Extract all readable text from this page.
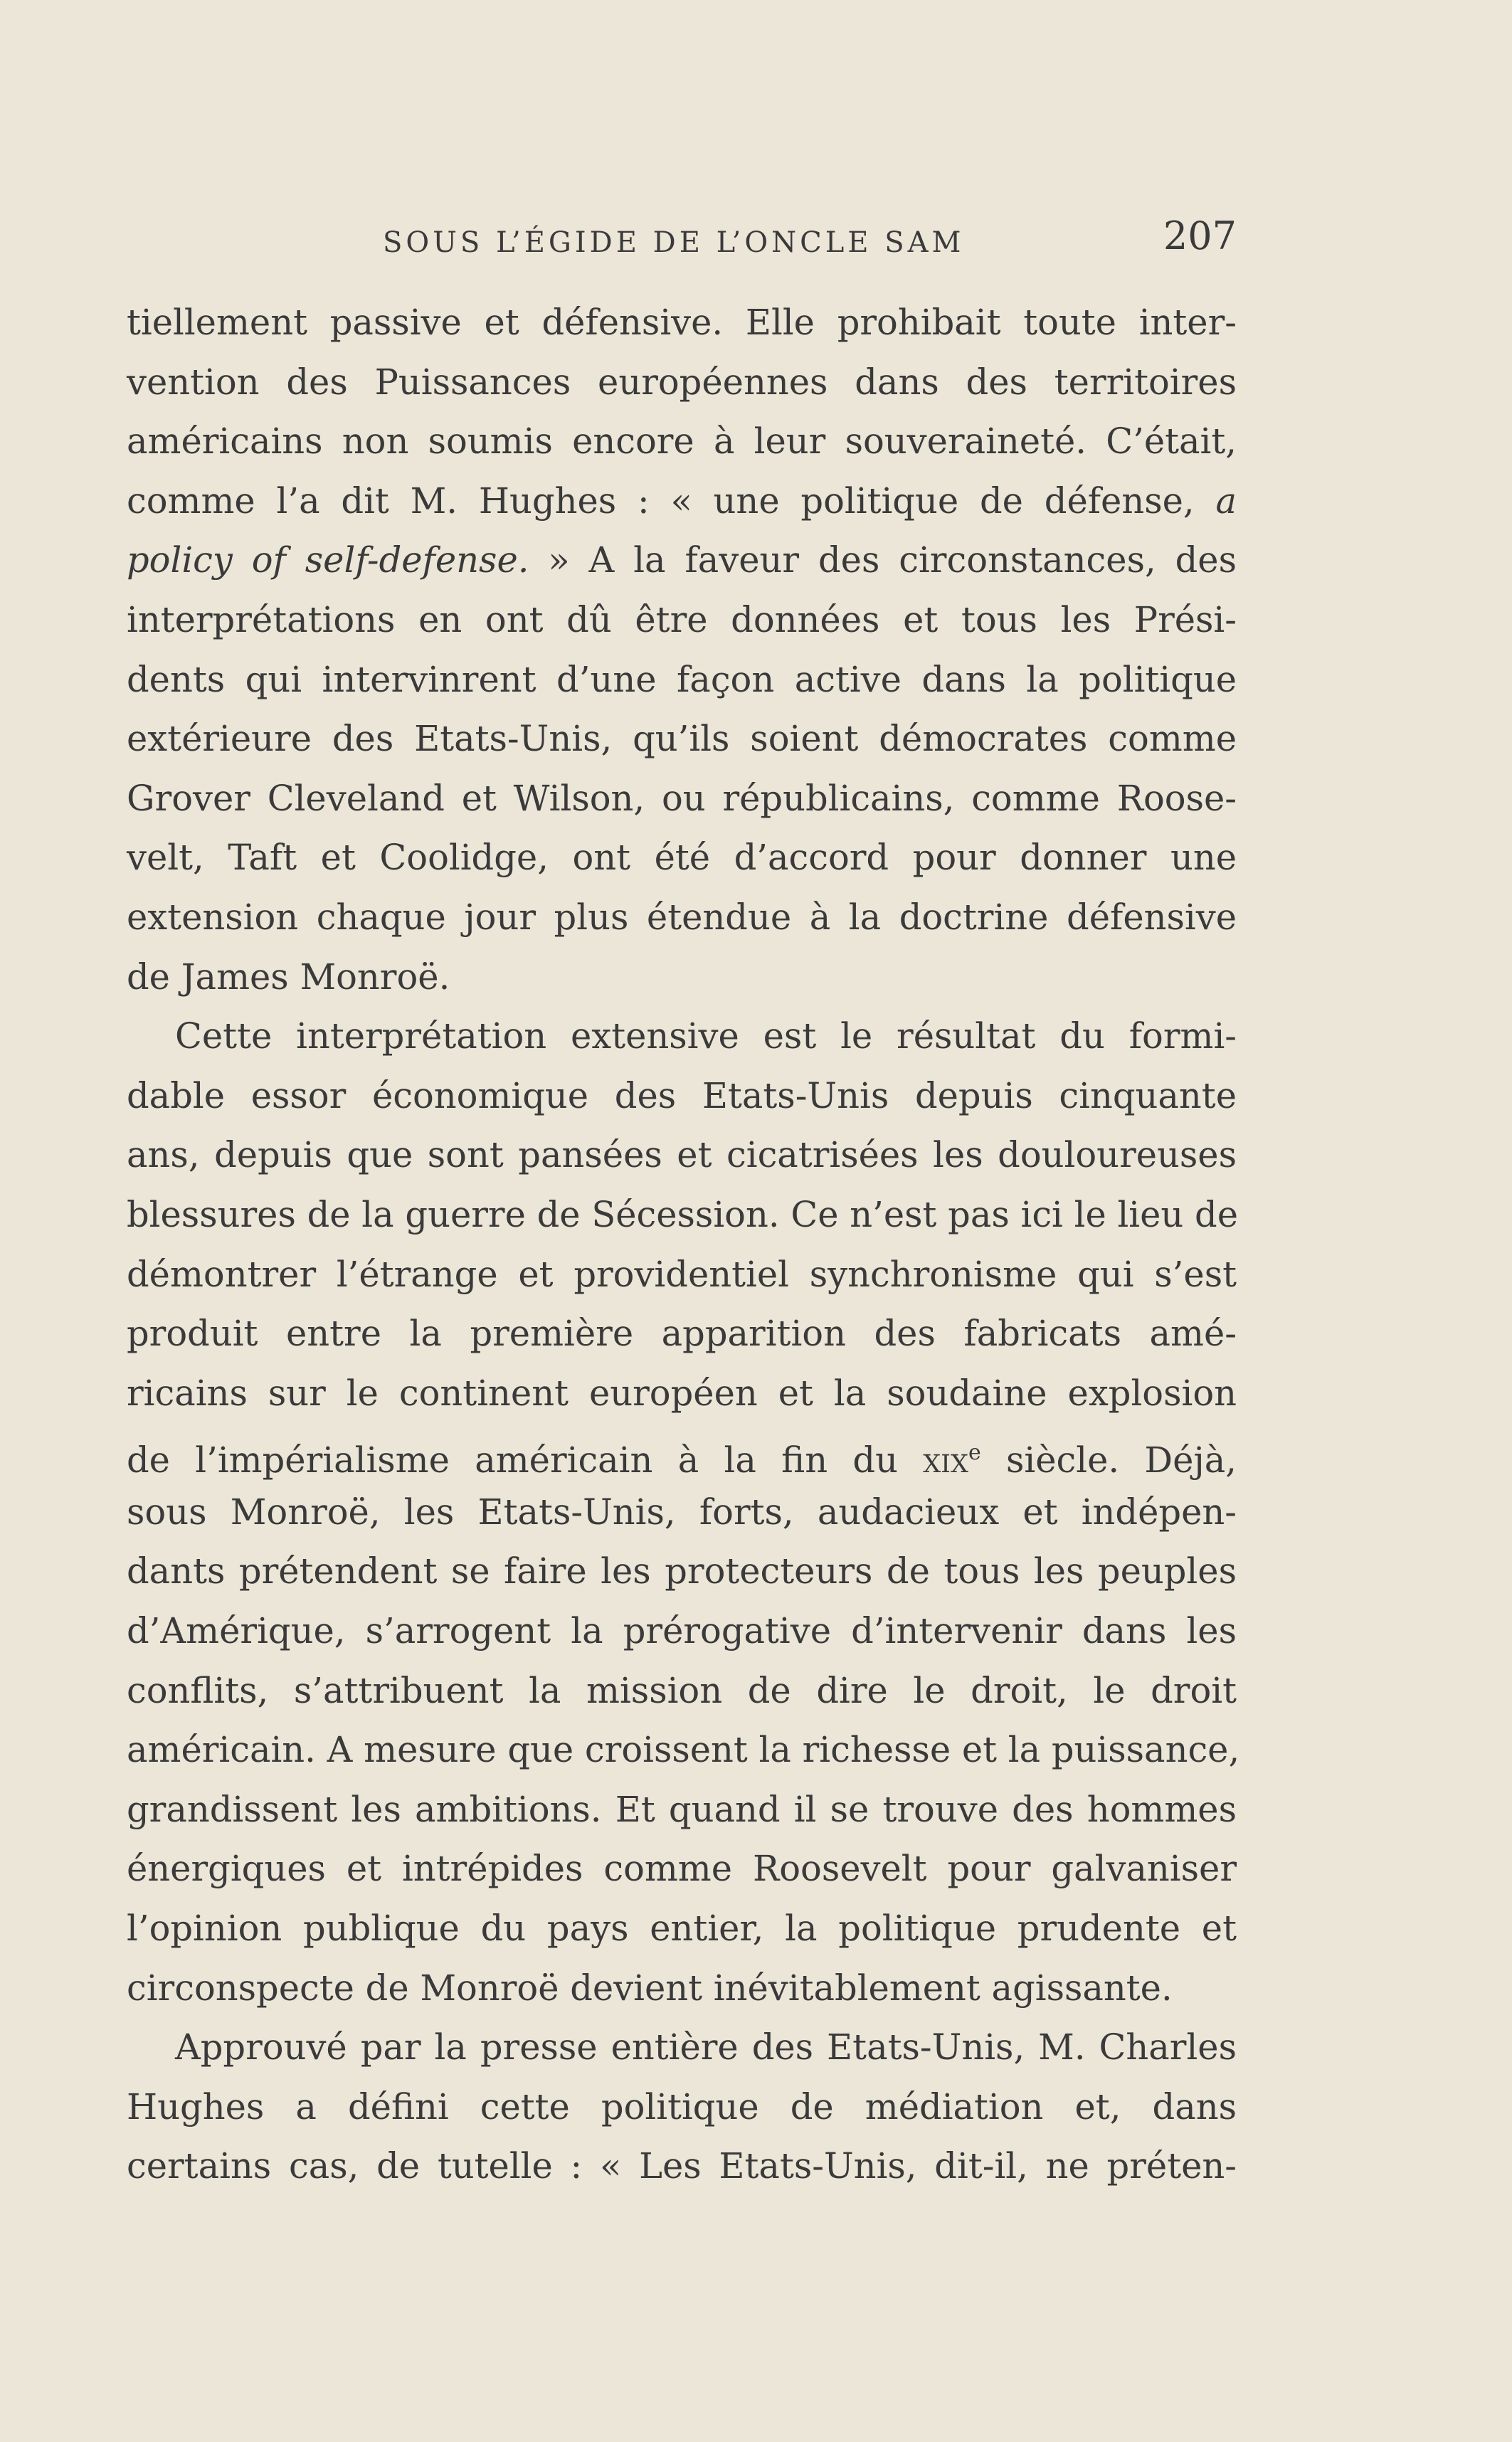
SOUS L’ÉGIDE DE L’ONCLE SAM	207
tiellement passive et défensive. Elle prohibait toute inter-
vention des Puissances européennes dans des territoires
américains non soumis encore à leur souveraineté. C’était,
comme l’a dit M. Hughes : « une politique de défense, a
policy of self-defense. » A la faveur des circonstances, des
interprétations en ont dû être données et tous les Prési-
dents qui intervinrent d’une façon active dans la politique
extérieure des Etats-Unis, qu’ils soient démocrates comme
Grover Cleveland et Wilson, ou républicains, comme Roose-
velt, Taft et Coolidge, ont été d’accord pour donner une
extension chaque jour plus étendue à la doctrine défensive
de James Monroë.
Cette interprétation extensive est le résultat du formi-
dable essor économique des Etats-Unis depuis cinquante
ans, depuis que sont pansées et cicatrisées les douloureuses
blessures de la guerre de Sécession. Ce n’est pas ici le lieu de
démontrer l’étrange et providentiel synchronisme qui s’est
produit entre la première apparition des fabricats amé-
ricains sur le continent européen et la soudaine explosion
de l’impérialisme américain à la fin du xix$^e$ siècle. Déjà,
sous Monroë, les Etats-Unis, forts, audacieux et indépen-
dants prétendent se faire les protecteurs de tous les peuples
d’Amérique, s’arrogent la prérogative d’intervenir dans les
conflits, s’attribuent la mission de dire le droit, le droit
américain. A mesure que croissent la richesse et la puissance,
grandissent les ambitions. Et quand il se trouve des hommes
énergiques et intrépides comme Roosevelt pour galvaniser
l’opinion publique du pays entier, la politique prudente et
circonspecte de Monroë devient inévitablement agissante.
Approuvé par la presse entière des Etats-Unis, M. Charles
Hughes a défini cette politique de médiation et, dans
certains cas, de tutelle : « Les Etats-Unis, dit-il, ne préten-
